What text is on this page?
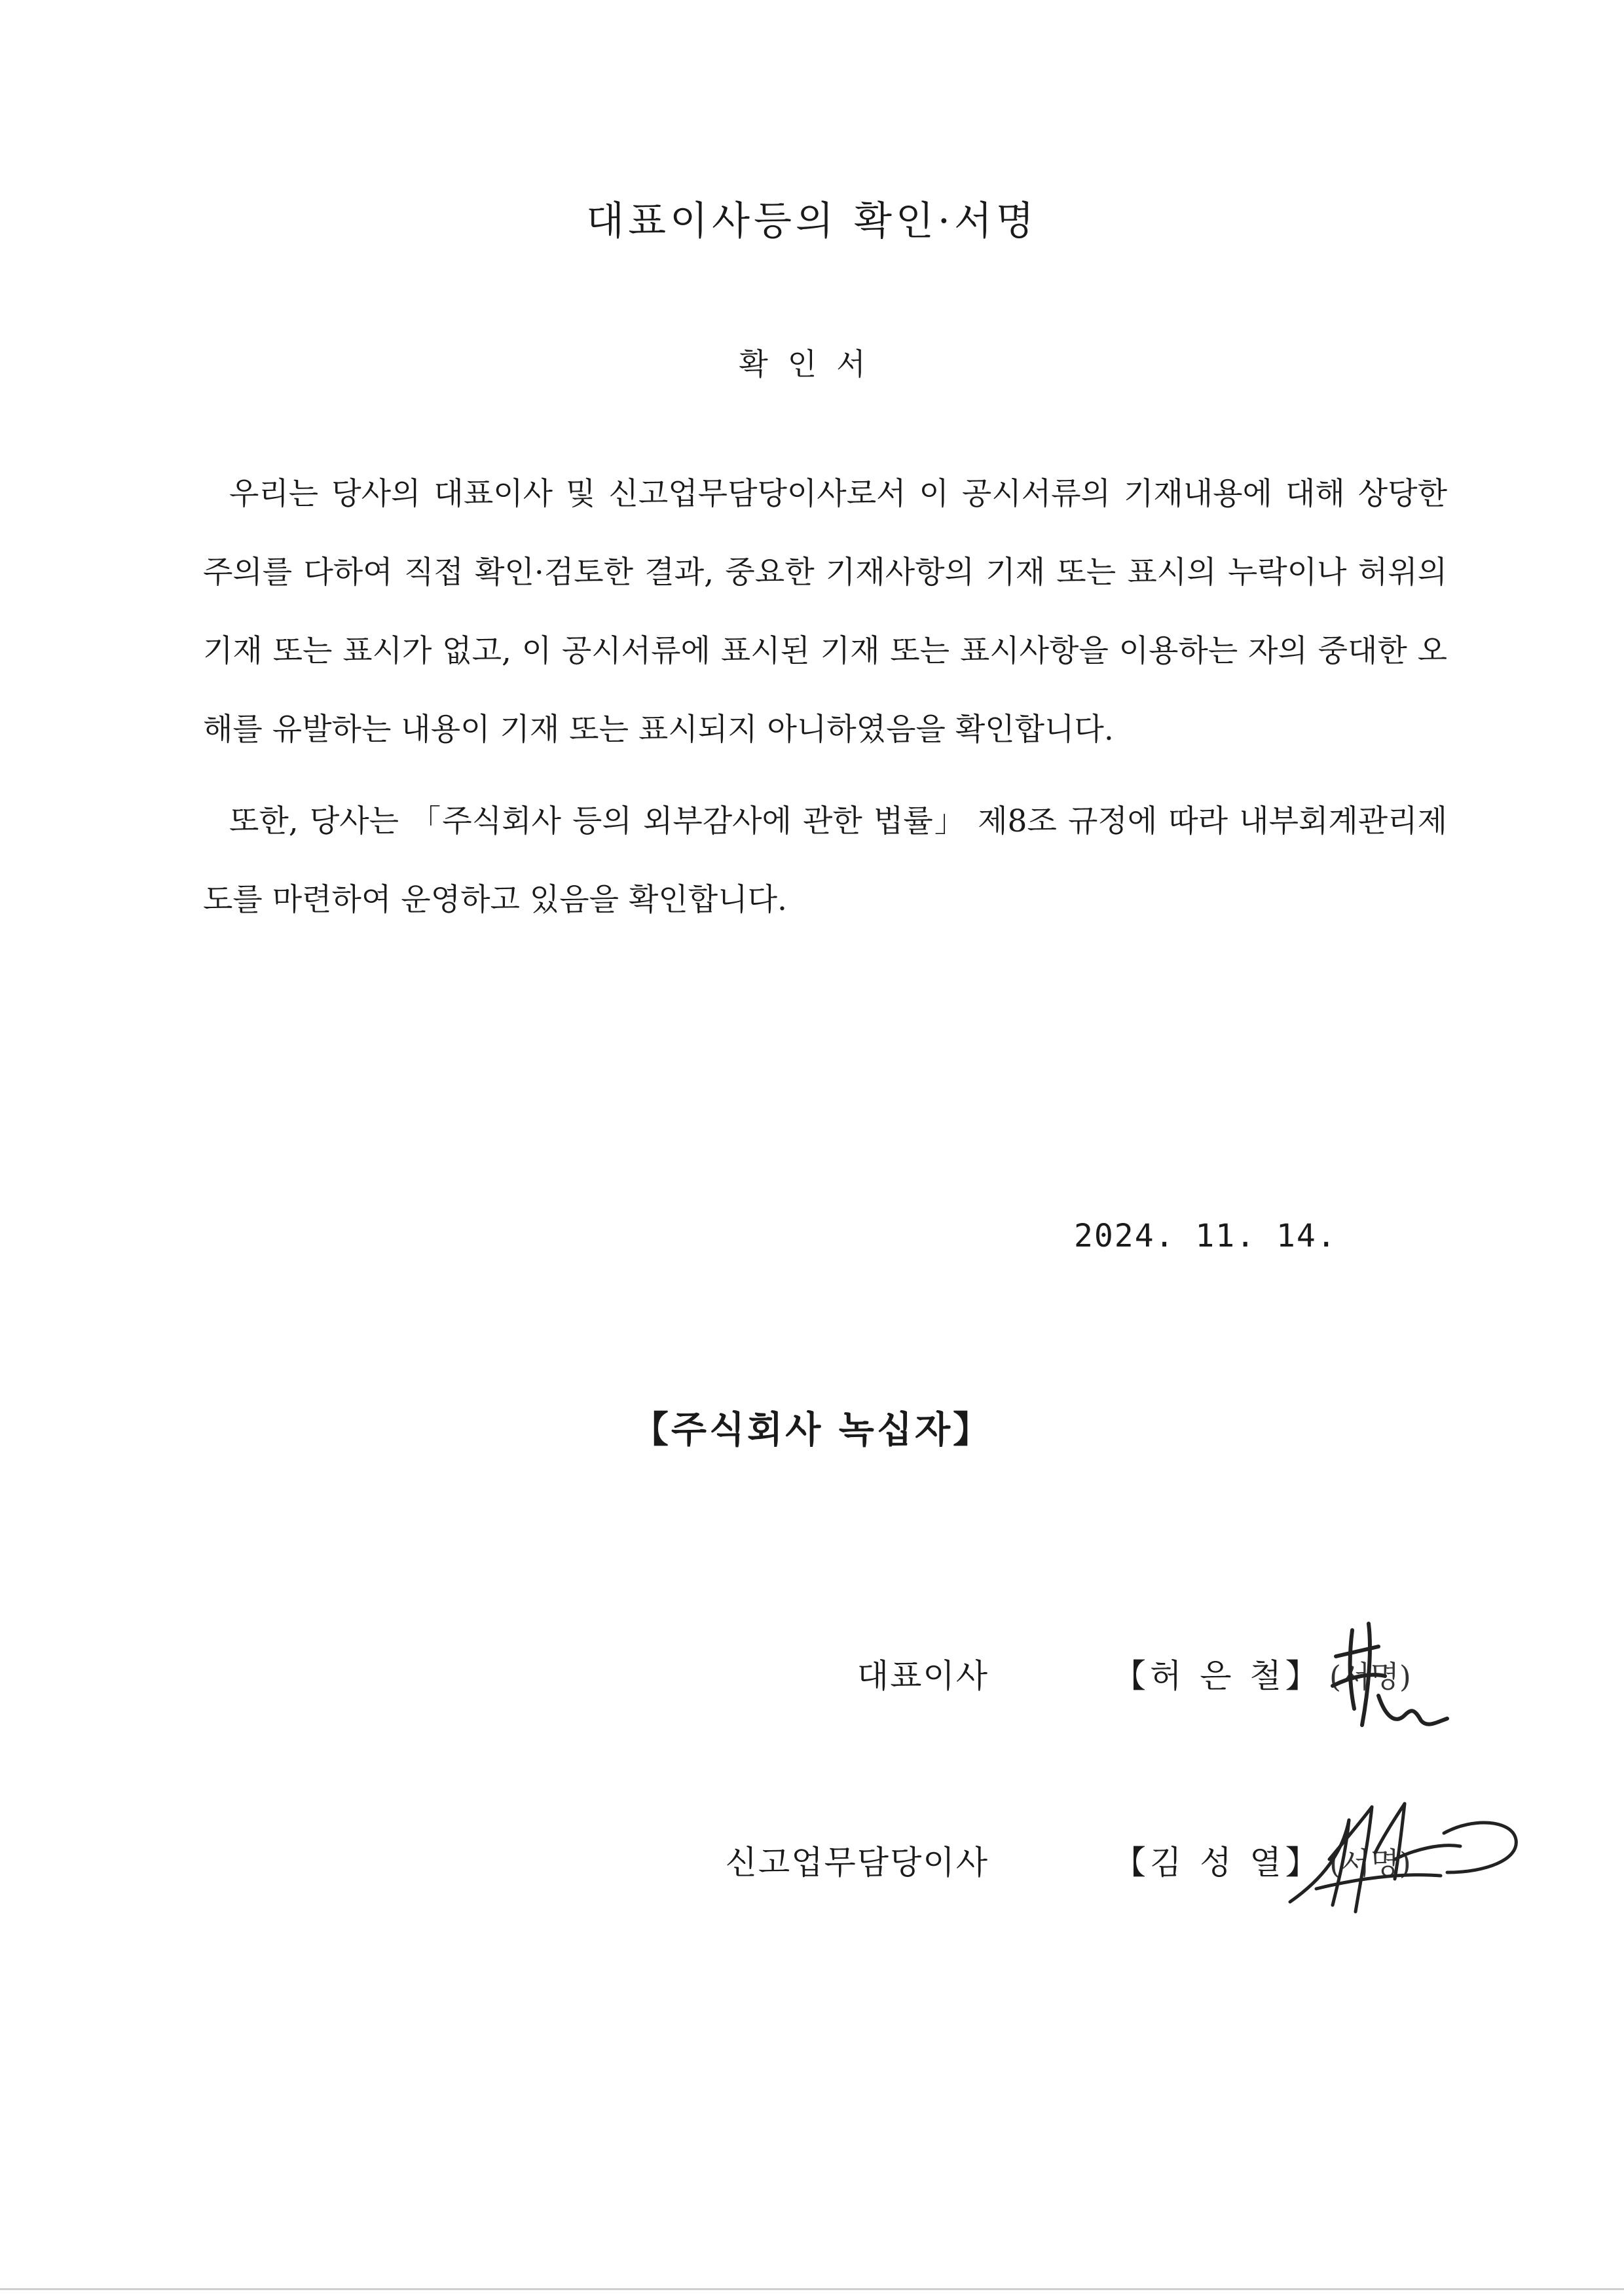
대표이사등의 확인·서명
확인서
우리는 당사의 대표이사 및 신고업무담당이사로서 이 공시서류의 기재내용에 대해 상당한 주의를 다하여 직접 확인·검토한 결과, 중요한 기재사항의 기재 또는 표시의 누락이나 허위의 기재 또는 표시가 없고, 이 공시서류에 표시된 기재 또는 표시사항을 이용하는 자의 중대한 오해를 유발하는 내용이 기재 또는 표시되지 아니하였음을 확인합니다.
또한, 당사는 「주식회사 등의 외부감사에 관한 법률」 제8조 규정에 따라 내부회계관리제도를 마련하여 운영하고 있음을 확인합니다.
2024. 11. 14.
【주식회사 녹십자】
대표이사	【허 은 철】 (서명)
신고업무담당이사	【김 성 열】 (서명)
